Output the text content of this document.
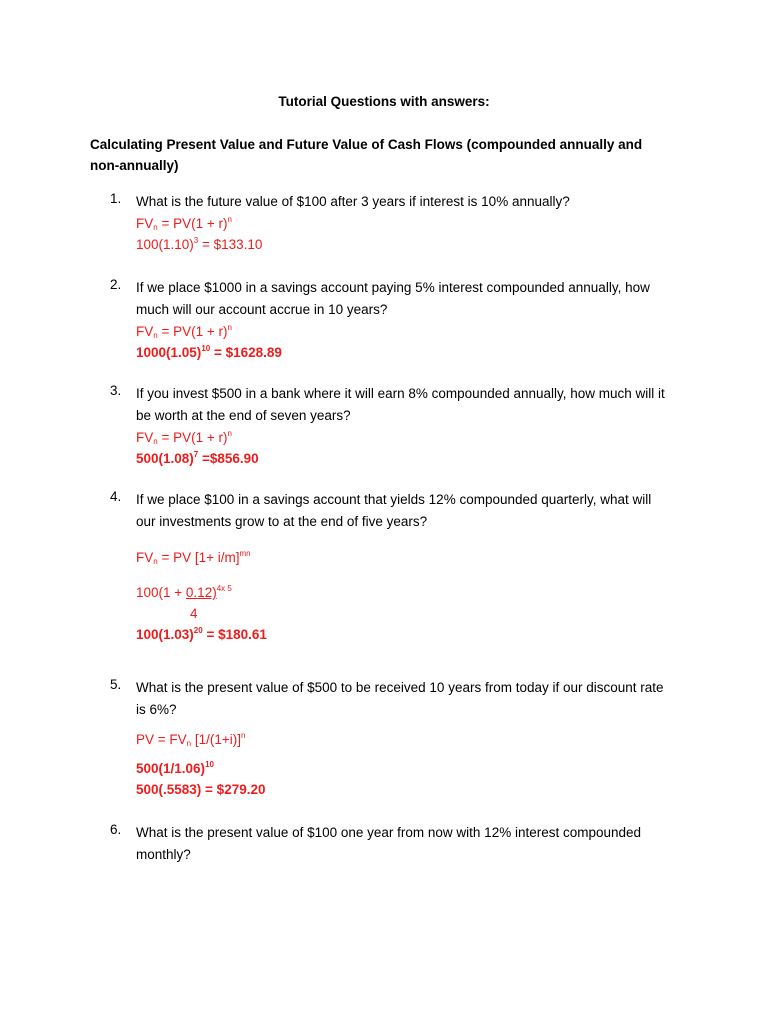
Tutorial Questions with answers:
Calculating Present Value and Future Value of Cash Flows (compounded annually and non-annually)
1. What is the future value of $100 after 3 years if interest is 10% annually?
$FV_n = PV(1 + r)^n$
$100(1.10)^3$ = $133.10
2. If we place $1000 in a savings account paying 5% interest compounded annually, how much will our account accrue in 10 years?
$FV_n = PV(1 + r)^n$
$1000(1.05)^{10}$ = $1628.89
3. If you invest $500 in a bank where it will earn 8% compounded annually, how much will it be worth at the end of seven years?
$FV_n = PV(1 + r)^n$
$500(1.08)^7$ =$856.90
4. If we place $100 in a savings account that yields 12% compounded quarterly, what will our investments grow to at the end of five years?
$FV_n$ = PV $[1+ i/m]^{mn}$
$100(1 + 0.12)^{4x 5}$
4
$100(1.03)^{20}$ = $180.61
5. What is the present value of $500 to be received 10 years from today if our discount rate is 6%?
PV = $FV_n$ $[1/(1+i)]^n$
$500(1/1.06)^{10}$
500(.5583) = $279.20
6. What is the present value of $100 one year from now with 12% interest compounded monthly?
